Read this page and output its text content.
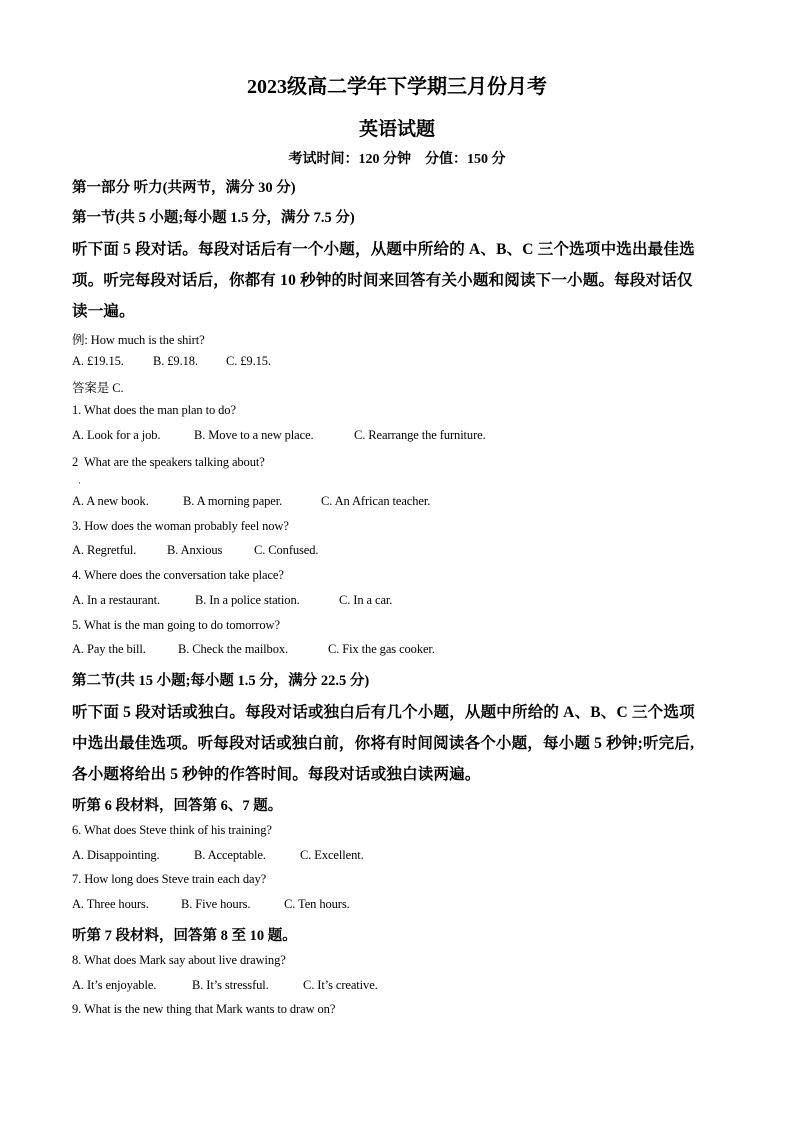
2023级高二学年下学期三月份月考
英语试题
考试时间：120 分钟    分值：150 分
第一部分 听力(共两节，满分 30 分)
第一节(共 5 小题;每小题 1.5 分，满分 7.5 分)
听下面 5 段对话。每段对话后有一个小题，从题中所给的 A、B、C 三个选项中选出最佳选
项。听完每段对话后，你都有 10 秒钟的时间来回答有关小题和阅读下一小题。每段对话仅
读一遍。
例: How much is the shirt?
A. £19.15. B. £9.18. C. £9.15.
答案是 C.
1. What does the man plan to do?
A. Look for a job.	B. Move to a new place.	C. Rearrange the furniture.
2  What are the speakers talking about?
·
A. A new book.	B. A morning paper.	C. An African teacher.
3. How does the woman probably feel now?
A. Regretful. B. Anxious	C. Confused.
4. Where does the conversation take place?
A. In a restaurant.	B. In a police station.	C. In a car.
5. What is the man going to do tomorrow?
A. Pay the bill.	B. Check the mailbox.	C. Fix the gas cooker.
第二节(共 15 小题;每小题 1.5 分，满分 22.5 分)
听下面 5 段对话或独白。每段对话或独白后有几个小题，从题中所给的 A、B、C 三个选项
中选出最佳选项。听每段对话或独白前，你将有时间阅读各个小题，每小题 5 秒钟;听完后,
各小题将给出 5 秒钟的作答时间。每段对话或独白读两遍。
听第 6 段材料，回答第 6、7 题。
6. What does Steve think of his training?
A. Disappointing.	B. Acceptable.	C. Excellent.
7. How long does Steve train each day?
A. Three hours.	B. Five hours.	C. Ten hours.
听第 7 段材料，回答第 8 至 10 题。
8. What does Mark say about live drawing?
A. It’s enjoyable.	B. It’s stressful.	C. It’s creative.
9. What is the new thing that Mark wants to draw on?
